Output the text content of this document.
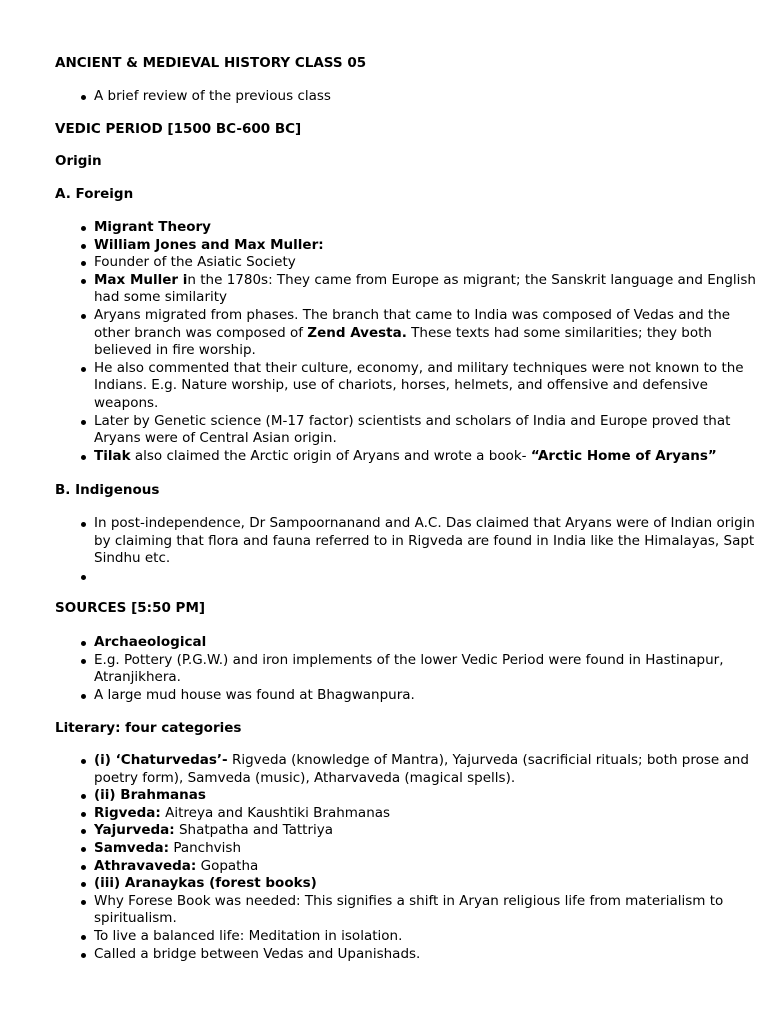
ANCIENT & MEDIEVAL HISTORY CLASS 05
A brief review of the previous class
VEDIC PERIOD [1500 BC-600 BC]
Origin
A. Foreign
Migrant Theory
William Jones and Max Muller:
Founder of the Asiatic Society
Max Muller in the 1780s: They came from Europe as migrant; the Sanskrit language and English had some similarity
Aryans migrated from phases. The branch that came to India was composed of Vedas and the other branch was composed of Zend Avesta. These texts had some similarities; they both believed in fire worship.
He also commented that their culture, economy, and military techniques were not known to the Indians. E.g. Nature worship, use of chariots, horses, helmets, and offensive and defensive weapons.
Later by Genetic science (M-17 factor) scientists and scholars of India and Europe proved that Aryans were of Central Asian origin.
Tilak also claimed the Arctic origin of Aryans and wrote a book- “Arctic Home of Aryans”
B. Indigenous
In post-independence, Dr Sampoornanand and A.C. Das claimed that Aryans were of Indian origin by claiming that flora and fauna referred to in Rigveda are found in India like the Himalayas, Sapt Sindhu etc.
SOURCES [5:50 PM]
Archaeological
E.g. Pottery (P.G.W.) and iron implements of the lower Vedic Period were found in Hastinapur, Atranjikhera.
A large mud house was found at Bhagwanpura.
Literary: four categories
(i) ‘Chaturvedas’- Rigveda (knowledge of Mantra), Yajurveda (sacrificial rituals; both prose and poetry form), Samveda (music), Atharvaveda (magical spells).
(ii) Brahmanas
Rigveda: Aitreya and Kaushtiki Brahmanas
Yajurveda: Shatpatha and Tattriya
Samveda: Panchvish
Athravaveda: Gopatha
(iii) Aranaykas (forest books)
Why Forese Book was needed: This signifies a shift in Aryan religious life from materialism to spiritualism.
To live a balanced life: Meditation in isolation.
Called a bridge between Vedas and Upanishads.
